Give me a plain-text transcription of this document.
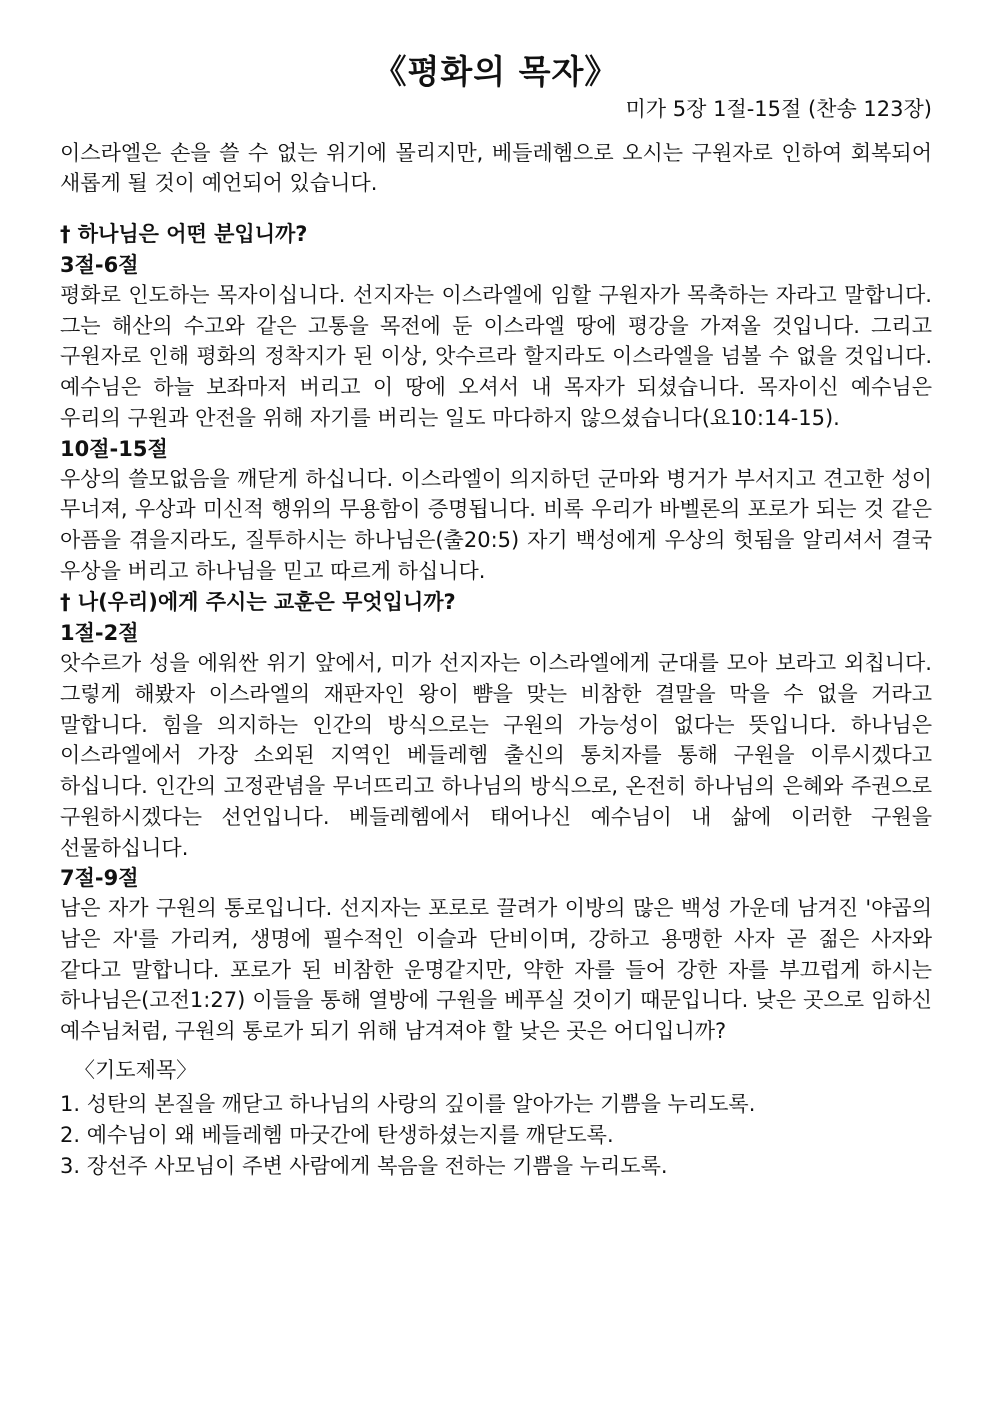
《평화의 목자》

미가 5장 1절-15절 (찬송 123장)

이스라엘은 손을 쓸 수 없는 위기에 몰리지만, 베들레헴으로 오시는 구원자로 인하여 회복되어 새롭게 될 것이 예언되어 있습니다.

† 하나님은 어떤 분입니까?

3절-6절

평화로 인도하는 목자이십니다. 선지자는 이스라엘에 임할 구원자가 목축하는 자라고 말합니다. 그는 해산의 수고와 같은 고통을 목전에 둔 이스라엘 땅에 평강을 가져올 것입니다. 그리고 구원자로 인해 평화의 정착지가 된 이상, 앗수르라 할지라도 이스라엘을 넘볼 수 없을 것입니다. 예수님은 하늘 보좌마저 버리고 이 땅에 오셔서 내 목자가 되셨습니다. 목자이신 예수님은 우리의 구원과 안전을 위해 자기를 버리는 일도 마다하지 않으셨습니다(요10:14-15).

10절-15절

우상의 쓸모없음을 깨닫게 하십니다. 이스라엘이 의지하던 군마와 병거가 부서지고 견고한 성이 무너져, 우상과 미신적 행위의 무용함이 증명됩니다. 비록 우리가 바벨론의 포로가 되는 것 같은 아픔을 겪을지라도, 질투하시는 하나님은(출20:5) 자기 백성에게 우상의 헛됨을 알리셔서 결국 우상을 버리고 하나님을 믿고 따르게 하십니다.

† 나(우리)에게 주시는 교훈은 무엇입니까?

1절-2절

앗수르가 성을 에워싼 위기 앞에서, 미가 선지자는 이스라엘에게 군대를 모아 보라고 외칩니다. 그렇게 해봤자 이스라엘의 재판자인 왕이 뺨을 맞는 비참한 결말을 막을 수 없을 거라고 말합니다. 힘을 의지하는 인간의 방식으로는 구원의 가능성이 없다는 뜻입니다. 하나님은 이스라엘에서 가장 소외된 지역인 베들레헴 출신의 통치자를 통해 구원을 이루시겠다고 하십니다. 인간의 고정관념을 무너뜨리고 하나님의 방식으로, 온전히 하나님의 은혜와 주권으로 구원하시겠다는 선언입니다. 베들레헴에서 태어나신 예수님이 내 삶에 이러한 구원을 선물하십니다.

7절-9절

남은 자가 구원의 통로입니다. 선지자는 포로로 끌려가 이방의 많은 백성 가운데 남겨진 '야곱의 남은 자'를 가리켜, 생명에 필수적인 이슬과 단비이며, 강하고 용맹한 사자 곧 젊은 사자와 같다고 말합니다. 포로가 된 비참한 운명같지만, 약한 자를 들어 강한 자를 부끄럽게 하시는 하나님은(고전1:27) 이들을 통해 열방에 구원을 베푸실 것이기 때문입니다. 낮은 곳으로 임하신 예수님처럼, 구원의 통로가 되기 위해 남겨져야 할 낮은 곳은 어디입니까?

〈기도제목〉

1. 성탄의 본질을 깨닫고 하나님의 사랑의 깊이를 알아가는 기쁨을 누리도록.
2. 예수님이 왜 베들레헴 마굿간에 탄생하셨는지를 깨닫도록.
3. 장선주 사모님이 주변 사람에게 복음을 전하는 기쁨을 누리도록.
